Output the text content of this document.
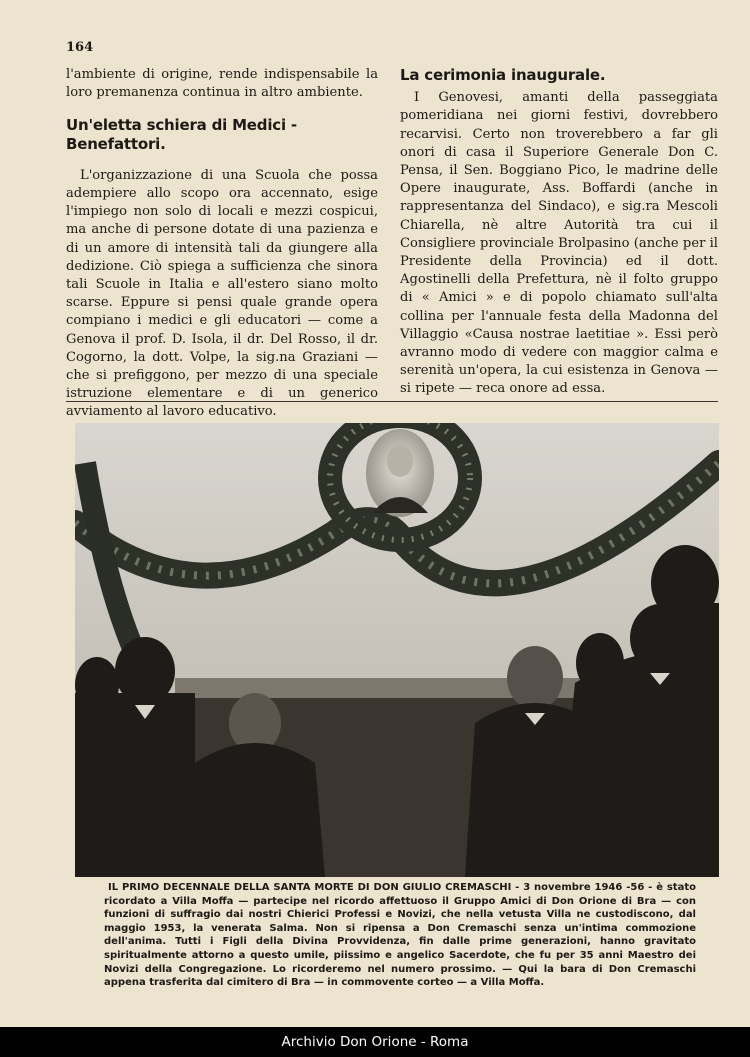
164

l'ambiente di origine, rende indispensabile la loro premanenza continua in altro ambiente.

Un'eletta schiera di Medici - Benefattori.

L'organizzazione di una Scuola che possa adempiere allo scopo ora accennato, esige l'impiego non solo di locali e mezzi cospicui, ma anche di persone dotate di una pazienza e di un amore di intensità tali da giungere alla dedizione. Ciò spiega a sufficienza che sinora tali Scuole in Italia e all'estero siano molto scarse. Eppure si pensi quale grande opera compiano i medici e gli educatori — come a Genova il prof. D. Isola, il dr. Del Rosso, il dr. Cogorno, la dott. Volpe, la sig.na Graziani — che si prefiggono, per mezzo di una speciale istruzione elementare e di un generico avviamento al lavoro educativo.

La cerimonia inaugurale.

I Genovesi, amanti della passeggiata pomeridiana nei giorni festivi, dovrebbero recarvisi. Certo non troverebbero a far gli onori di casa il Superiore Generale Don C. Pensa, il Sen. Boggiano Pico, le madrine delle Opere inaugurate, Ass. Boffardi (anche in rappresentanza del Sindaco), e sig.ra Mescoli Chiarella, nè altre Autorità tra cui il Consigliere provinciale Brolpasino (anche per il Presidente della Provincia) ed il dott. Agostinelli della Prefettura, nè il folto gruppo di « Amici » e di popolo chiamato sull'alta collina per l'annuale festa della Madonna del Villaggio «Causa nostrae laetitiae ». Essi però avranno modo di vedere con maggior calma e serenità un'opera, la cui esistenza in Genova — si ripete — reca onore ad essa.

IL PRIMO DECENNALE DELLA SANTA MORTE DI DON GIULIO CREMASCHI - 3 novembre 1946 -56 - è stato ricordato a Villa Moffa — partecipe nel ricordo affettuoso il Gruppo Amici di Don Orione di Bra — con funzioni di suffragio dai nostri Chierici Professi e Novizi, che nella vetusta Villa ne custodiscono, dal maggio 1953, la venerata Salma. Non si ripensa a Don Cremaschi senza un'intima commozione dell'anima. Tutti i Figli della Divina Provvidenza, fin dalle prime generazioni, hanno gravitato spiritualmente attorno a questo umile, piissimo e angelico Sacerdote, che fu per 35 anni Maestro dei Novizi della Congregazione. Lo ricorderemo nel numero prossimo. — Qui la bara di Don Cremaschi appena trasferita dal cimitero di Bra — in commovente corteo — a Villa Moffa.
Archivio Don Orione - Roma
